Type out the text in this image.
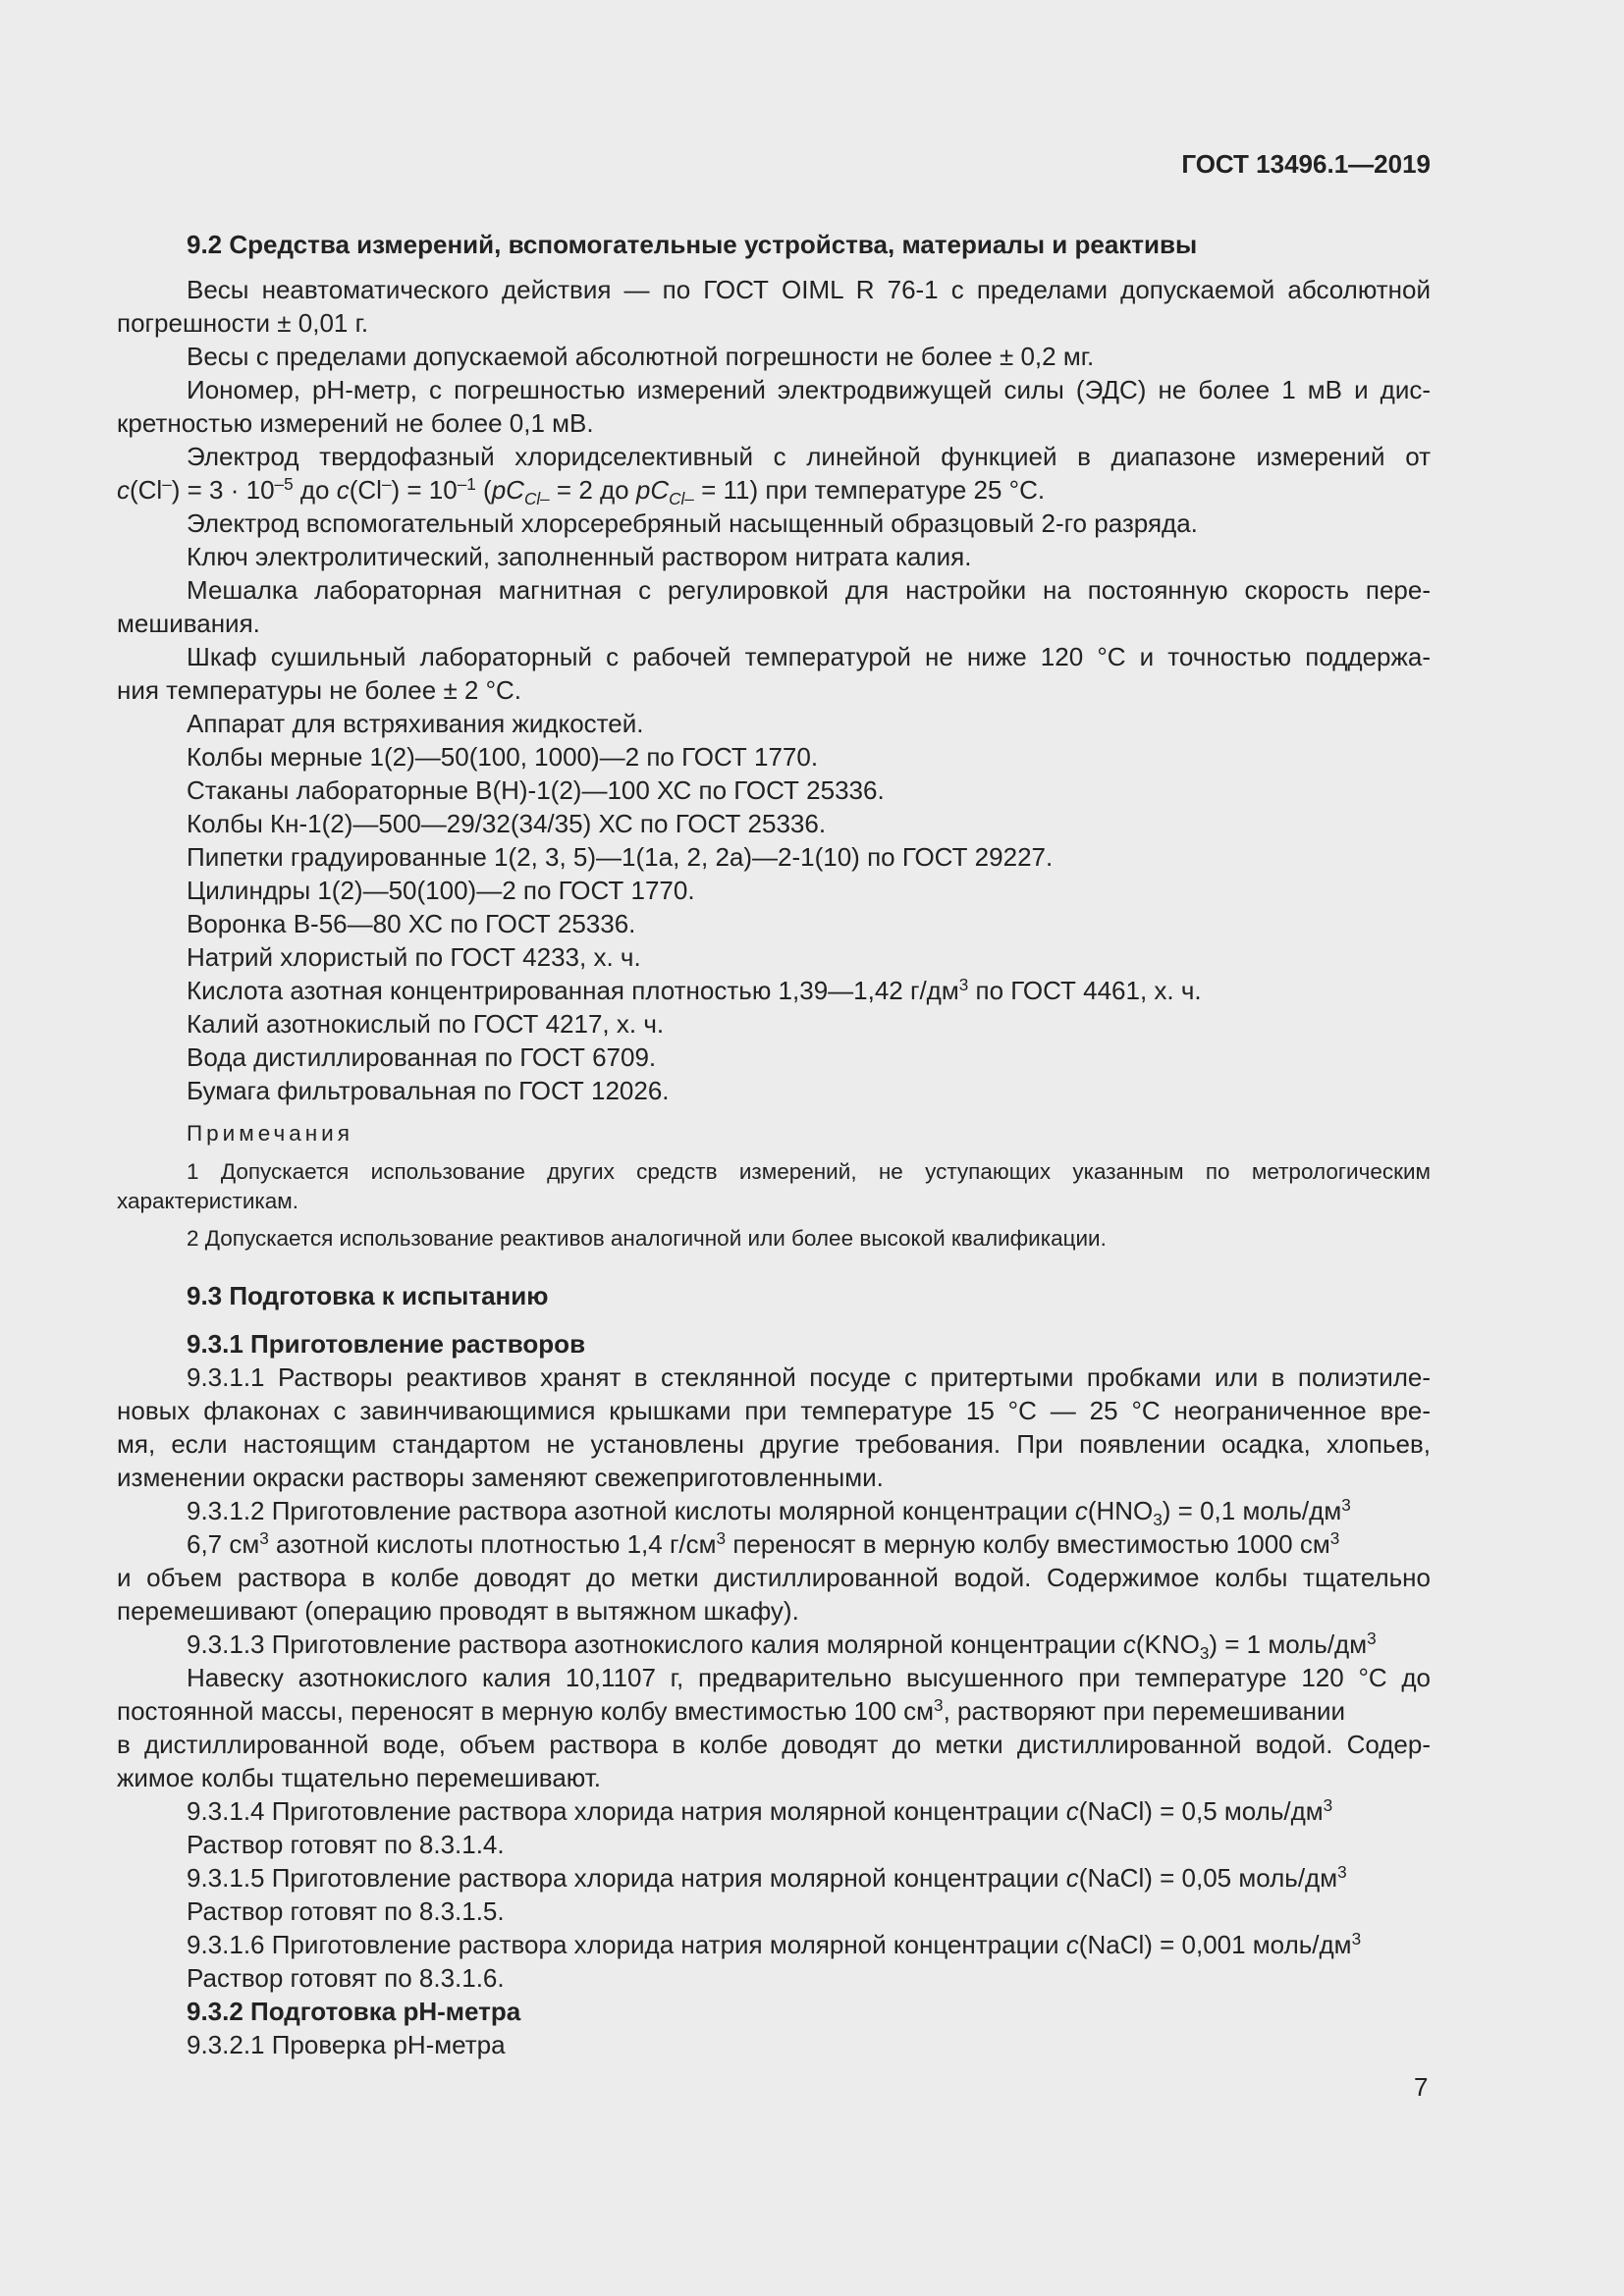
ГОСТ 13496.1—2019
9.2 Средства измерений, вспомогательные устройства, материалы и реактивы
Весы неавтоматического действия — по ГОСТ OIML R 76-1 с пределами допускаемой абсолютной
погрешности ± 0,01 г.
Весы с пределами допускаемой абсолютной погрешности не более ± 0,2 мг.
Иономер, рН-метр, с погрешностью измерений электродвижущей силы (ЭДС) не более 1 мВ и дис-
кретностью измерений не более 0,1 мВ.
Электрод твердофазный хлоридселективный с линейной функцией в диапазоне измерений от
$c(Cl^-) = 3 \cdot 10^{-5}$ до $c(Cl^-) = 10^{-1}$ ($pC_{Cl-} = 2$ до $pC_{Cl-} = 11$) при температуре 25 °С.
Электрод вспомогательный хлорсеребряный насыщенный образцовый 2-го разряда.
Ключ электролитический, заполненный раствором нитрата калия.
Мешалка лабораторная магнитная с регулировкой для настройки на постоянную скорость пере-
мешивания.
Шкаф сушильный лабораторный с рабочей температурой не ниже 120 °С и точностью поддержа-
ния температуры не более ± 2 °С.
Аппарат для встряхивания жидкостей.
Колбы мерные 1(2)—50(100, 1000)—2 по ГОСТ 1770.
Стаканы лабораторные В(Н)-1(2)—100 ХС по ГОСТ 25336.
Колбы Кн-1(2)—500—29/32(34/35) ХС по ГОСТ 25336.
Пипетки градуированные 1(2, 3, 5)—1(1а, 2, 2а)—2-1(10) по ГОСТ 29227.
Цилиндры 1(2)—50(100)—2 по ГОСТ 1770.
Воронка В-56—80 ХС по ГОСТ 25336.
Натрий хлористый по ГОСТ 4233, х. ч.
Кислота азотная концентрированная плотностью 1,39—1,42 $г/дм^3$ по ГОСТ 4461, х. ч.
Калий азотнокислый по ГОСТ 4217, х. ч.
Вода дистиллированная по ГОСТ 6709.
Бумага фильтровальная по ГОСТ 12026.
Примечания
1 Допускается использование других средств измерений, не уступающих указанным по метрологическим
характеристикам.
2 Допускается использование реактивов аналогичной или более высокой квалификации.
9.3 Подготовка к испытанию
9.3.1 Приготовление растворов
9.3.1.1 Растворы реактивов хранят в стеклянной посуде с притертыми пробками или в полиэтиле-
новых флаконах с завинчивающимися крышками при температуре 15 °С — 25 °С неограниченное вре-
мя, если настоящим стандартом не установлены другие требования. При появлении осадка, хлопьев,
изменении окраски растворы заменяют свежеприготовленными.
9.3.1.2 Приготовление раствора азотной кислоты молярной концентрации $c(HNO_3) = 0,1$ моль/$дм^3$
6,7 $см^3$ азотной кислоты плотностью 1,4 $г/см^3$ переносят в мерную колбу вместимостью 1000 $см^3$
и объем раствора в колбе доводят до метки дистиллированной водой. Содержимое колбы тщательно
перемешивают (операцию проводят в вытяжном шкафу).
9.3.1.3 Приготовление раствора азотнокислого калия молярной концентрации $c(KNO_3) = 1$ моль/$дм^3$
Навеску азотнокислого калия 10,1107 г, предварительно высушенного при температуре 120 °С до
постоянной массы, переносят в мерную колбу вместимостью 100 $см^3$, растворяют при перемешивании
в дистиллированной воде, объем раствора в колбе доводят до метки дистиллированной водой. Содер-
жимое колбы тщательно перемешивают.
9.3.1.4 Приготовление раствора хлорида натрия молярной концентрации c(NaCl) = 0,5 моль/$дм^3$
Раствор готовят по 8.3.1.4.
9.3.1.5 Приготовление раствора хлорида натрия молярной концентрации c(NaCl) = 0,05 моль/$дм^3$
Раствор готовят по 8.3.1.5.
9.3.1.6 Приготовление раствора хлорида натрия молярной концентрации c(NaCl) = 0,001 моль/$дм^3$
Раствор готовят по 8.3.1.6.
9.3.2 Подготовка рН-метра
9.3.2.1 Проверка рН-метра
7
